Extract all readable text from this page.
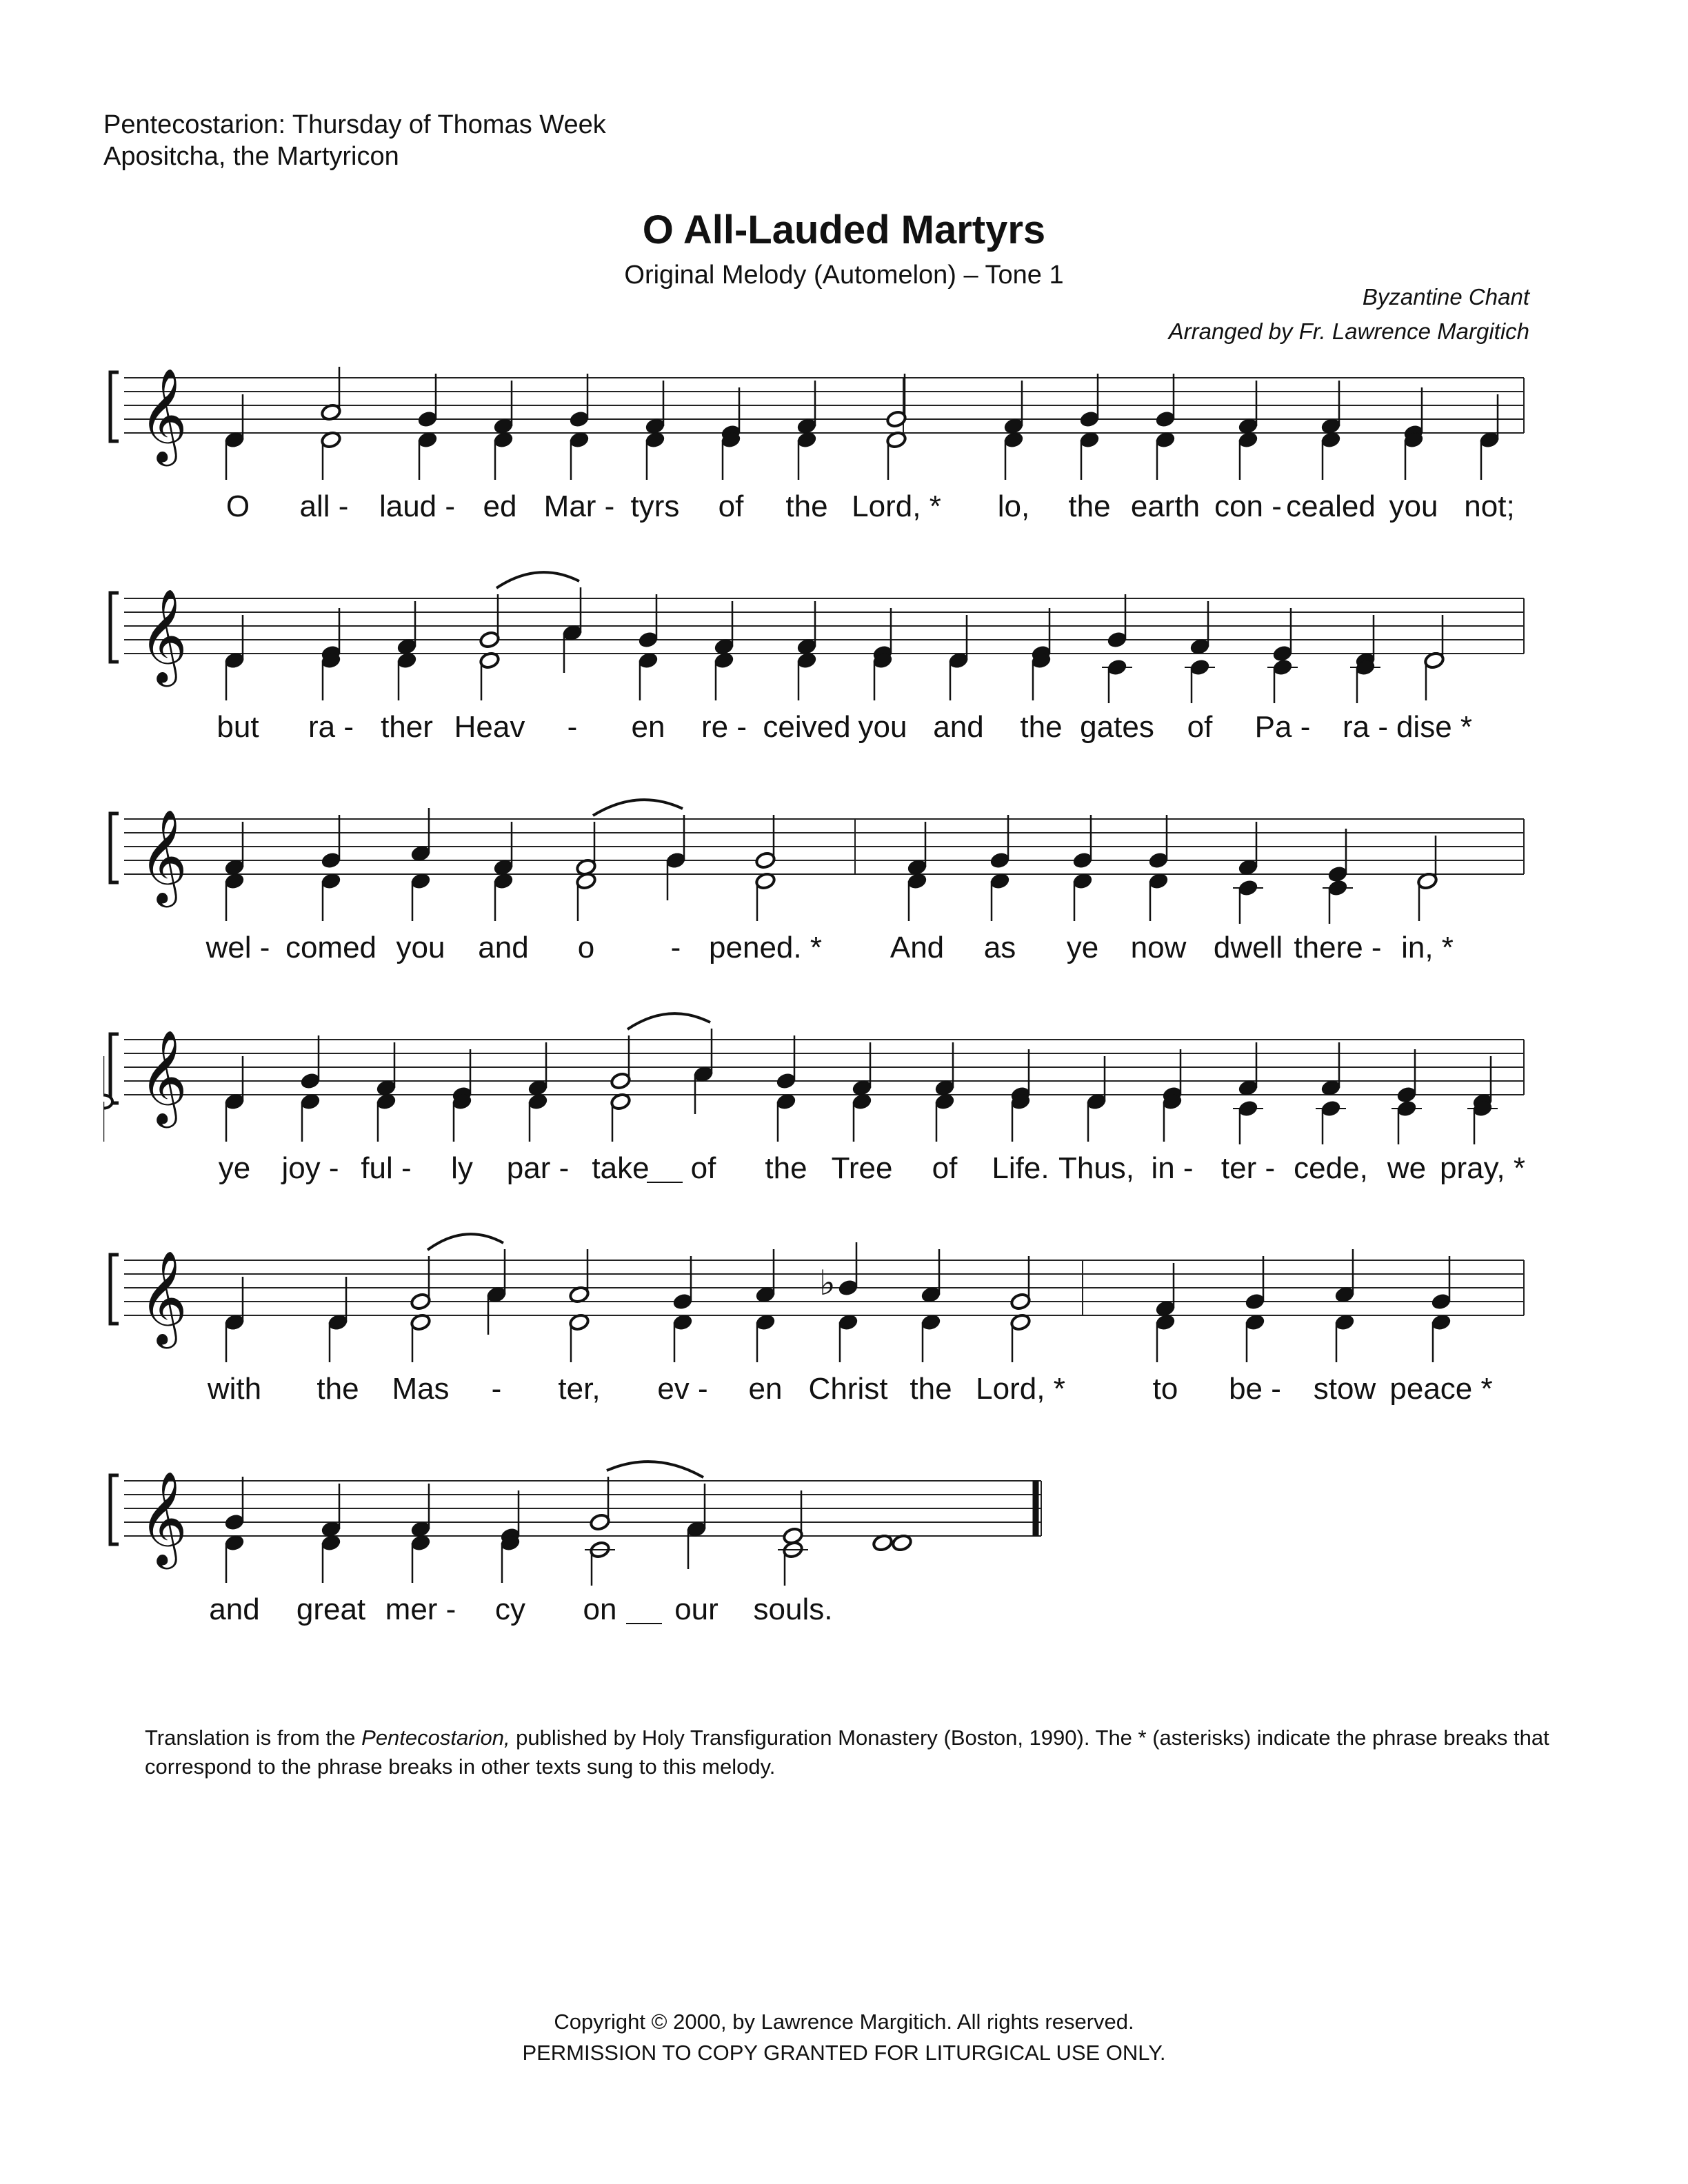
Pentecostarion: Thursday of Thomas Week
Apositcha, the Martyricon
O All-Lauded Martyrs
Original Melody (Automelon) – Tone 1
Byzantine Chant
Arranged by Fr. Lawrence Margitich
𝄞
O all - laud - ed Mar - tyrs of the Lord, * lo, the earth con - cealed you not;
𝄞
but ra - ther Heav - en re - ceived you and the gates of Pa - ra - dise *
𝄞
wel - comed you and o	- pened. * And as ye now dwell there - in, *
𝄞
ye joy - ful - ly par - take of the Tree of Life. Thus, in - ter - cede, we pray, *
𝄞	♭
with the Mas - ter, ev - en Christ the Lord, *	to be - stow peace *
𝄞
and great mer - cy on our souls.
Translation is from the Pentecostarion, published by Holy Transfiguration Monastery (Boston, 1990). The * (asterisks) indicate the phrase breaks that correspond to the phrase breaks in other texts sung to this melody.
Copyright © 2000, by Lawrence Margitich. All rights reserved.
PERMISSION TO COPY GRANTED FOR LITURGICAL USE ONLY.
